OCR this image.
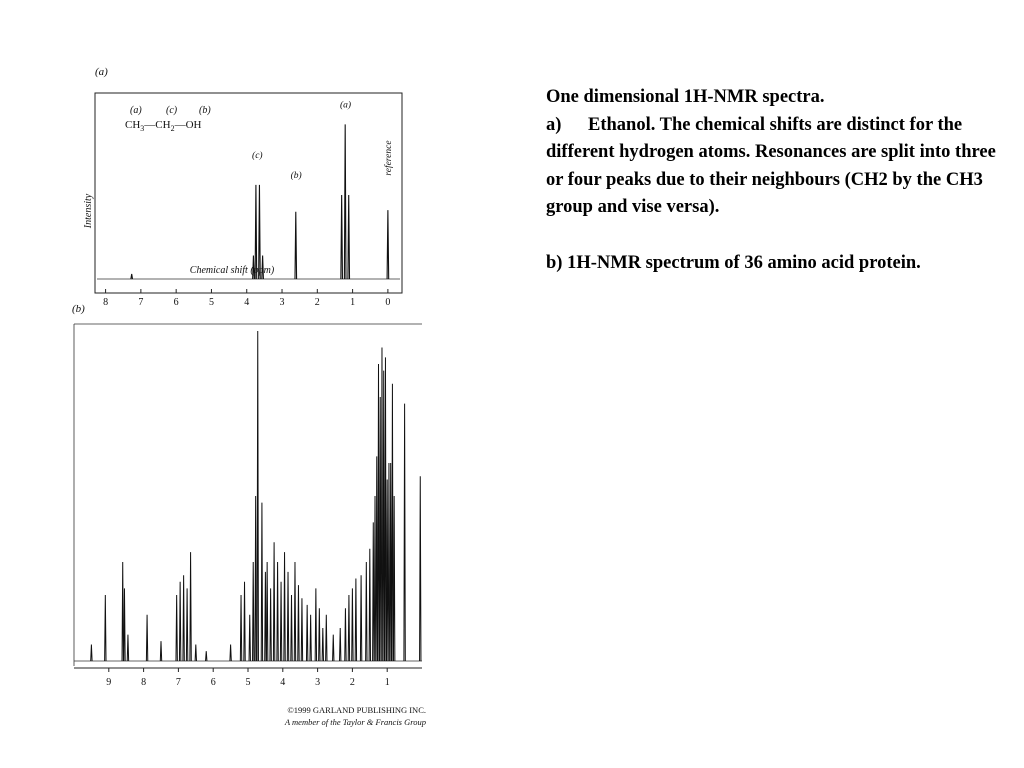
(a)
(a) (c) (b)
$CH_3—CH_2—OH$
Intensity
Chemical shift (ppm)
8	7	6	5	4	3	2	1	0
(c)
(b)
(a)
reference
(b)
9	8	7	6	5	4	3	2	1
©1999 GARLAND PUBLISHING INC.
A member of the Taylor & Francis Group

One dimensional 1H-NMR spectra.

a) Ethanol. The chemical shifts are distinct for the different hydrogen atoms. Resonances are split into three or four peaks due to their neighbours (CH2 by the CH3 group and vise versa).

b) 1H-NMR spectrum of 36 amino acid protein.
